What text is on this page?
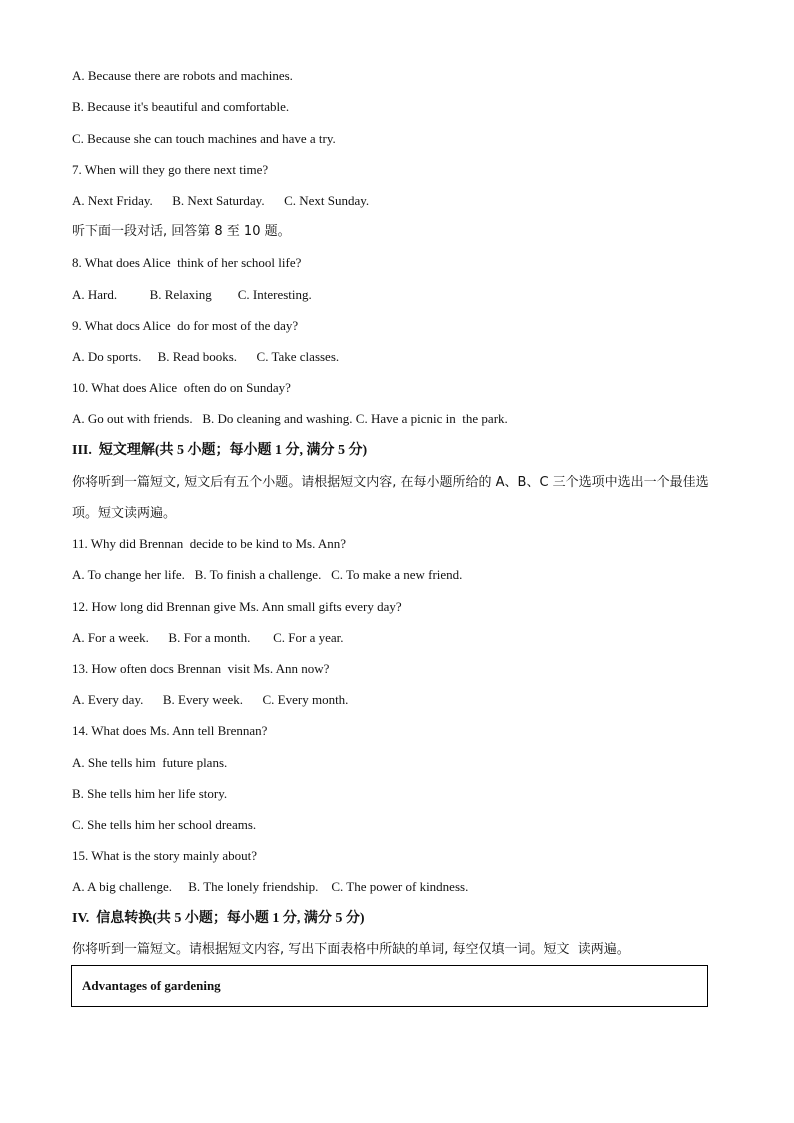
A. Because there are robots and machines.
B. Because it's beautiful and comfortable.
C. Because she can touch machines and have a try.
7. When will they go there next time?
A. Next Friday.      B. Next Saturday.      C. Next Sunday.
听下面一段对话, 回答第 8 至 10 题。
8. What does Alice  think of her school life?
A. Hard.          B. Relaxing        C. Interesting.
9. What docs Alice  do for most of the day?
A. Do sports.     B. Read books.      C. Take classes.
10. What does Alice  often do on Sunday?
A. Go out with friends.   B. Do cleaning and washing. C. Have a picnic in  the park.
III.  短文理解(共 5 小题；每小题 1 分, 满分 5 分)
你将听到一篇短文, 短文后有五个小题。请根据短文内容, 在每小题所给的 A、B、C 三个选项中选出一个最佳选项。短文读两遍。
11. Why did Brennan  decide to be kind to Ms. Ann?
A. To change her life.   B. To finish a challenge.   C. To make a new friend.
12. How long did Brennan give Ms. Ann small gifts every day?
A. For a week.      B. For a month.       C. For a year.
13. How often docs Brennan  visit Ms. Ann now?
A. Every day.      B. Every week.      C. Every month.
14. What does Ms. Ann tell Brennan?
A. She tells him  future plans.
B. She tells him her life story.
C. She tells him her school dreams.
15. What is the story mainly about?
A. A big challenge.     B. The lonely friendship.    C. The power of kindness.
IV.  信息转换(共 5 小题；每小题 1 分, 满分 5 分)
你将听到一篇短文。请根据短文内容, 写出下面表格中所缺的单词, 每空仅填一词。短文  读两遍。
Advantages of gardening
